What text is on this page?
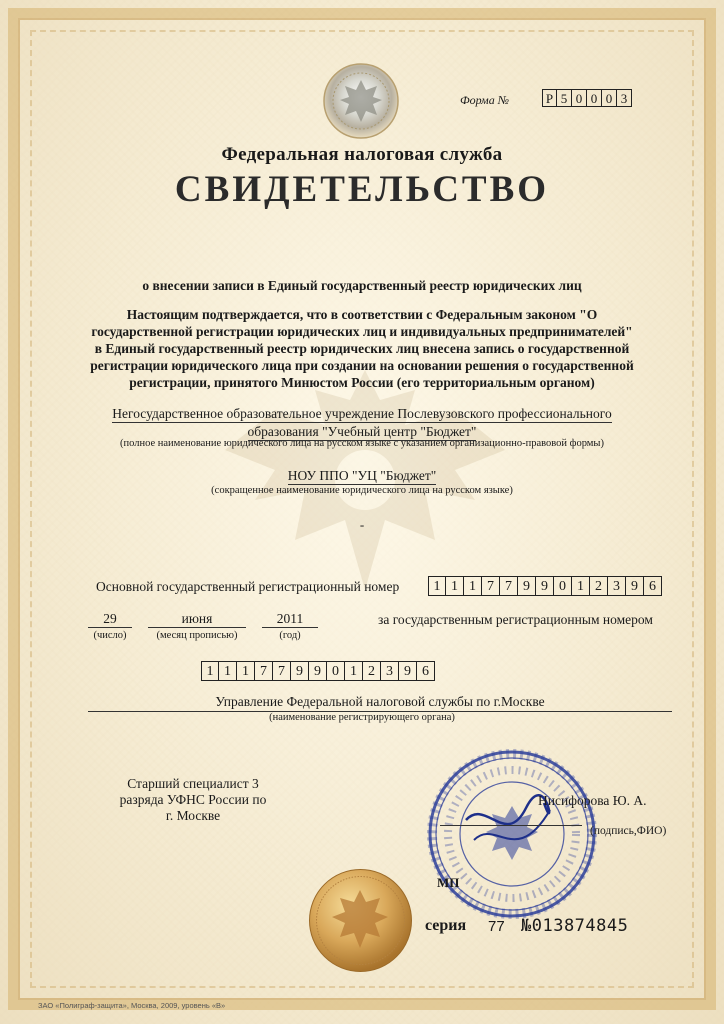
Форма №	Р 5 0 0 0 3
Федеральная налоговая служба
СВИДЕТЕЛЬСТВО
о внесении записи в Единый государственный реестр юридических лиц
Настоящим подтверждается, что в соответствии с Федеральным законом "О
государственной регистрации юридических лиц и индивидуальных предпринимателей"
в Единый государственный реестр юридических лиц внесена запись о государственной
регистрации юридического лица при создании на основании решения о государственной
регистрации, принятого Минюстом России (его территориальным органом)
Негосударственное образовательное учреждение Послевузовского профессионального
образования "Учебный центр "Бюджет"
(полное наименование юридического лица на русском языке с указанием организационно-правовой формы)
НОУ ППО "УЦ "Бюджет"
(сокращенное наименование юридического лица на русском языке)
-
Основной государственный регистрационный номер	1 1 1 7 7 9 9 0 1 2 3 9 6
29	июня	2011
(число)	(месяц прописью)	(год)
за государственным регистрационным номером
1 1 1 7 7 9 9 0 1 2 3 9 6
Управление Федеральной налоговой службы по г.Москве
(наименование регистрирующего органа)
Старший специалист 3
разряда УФНС России по
г. Москве
Нисифорова Ю. А.
(подпись,ФИО)
МП
серия 77 №013874845
ЗАО «Полиграф-защита», Москва, 2009, уровень «В»
